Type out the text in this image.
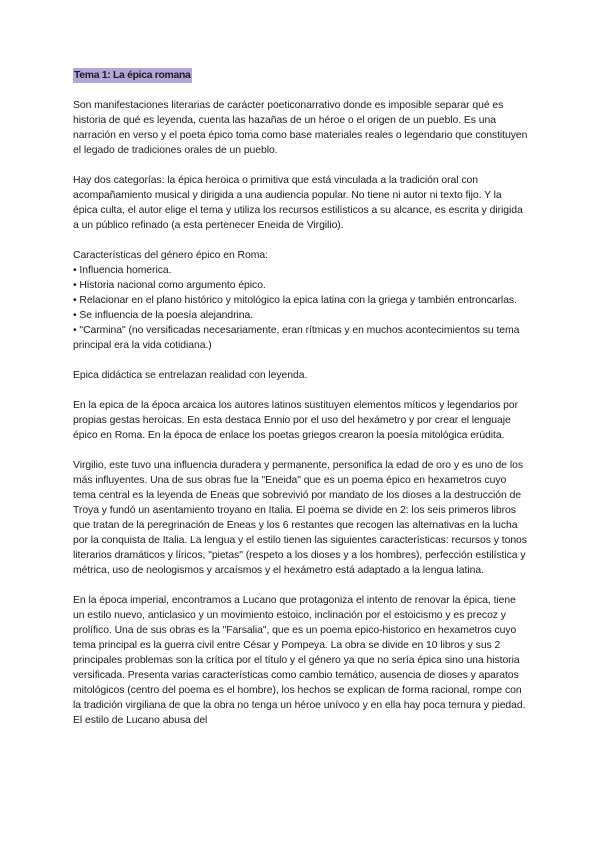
Tema 1: La épica romana

Son manifestaciones literarias de carácter poeticonarrativo donde es imposible separar qué es historia de qué es leyenda, cuenta las hazañas de un héroe o el origen de un pueblo. Es una narración en verso y el poeta épico toma como base materiales reales o legendario que constituyen el legado de tradiciones orales de un pueblo.

Hay dos categorías: la épica heroica o primitiva que está vinculada a la tradición oral con acompañamiento musical y dirigida a una audiencia popular. No tiene ni autor ni texto fijo. Y la épica culta, el autor elige el tema y utiliza los recursos estilísticos a su alcance, es escrita y dirigida a un público refinado (a esta pertenecer Eneida de Virgilio).

Características del género épico en Roma:
• Influencia homerica.
• Historia nacional como argumento épico.
• Relacionar en el plano histórico y mitológico la epica latina con la griega y también entroncarlas.
• Se influencia de la poesía alejandrina.
• "Carmina" (no versificadas necesariamente, eran rítmicas y en muchos acontecimientos su tema principal era la vida cotidiana.)

Epica didáctica se entrelazan realidad con leyenda.

En la epica de la época arcaica los autores latinos sustituyen elementos míticos y legendarios por propias gestas heroicas. En esta destaca Ennio por el uso del hexámetro y por crear el lenguaje épico en Roma. En la época de enlace los poetas griegos crearon la poesía mitológica erúdita.

Virgilio, este tuvo una influencia duradera y permanente, personifica la edad de oro y es uno de los más influyentes. Una de sus obras fue la "Eneida" que es un poema épico en hexametros cuyo tema central es la leyenda de Eneas que sobrevivió por mandato de los dioses a la destrucción de Troya y fundó un asentamiento troyano en Italia. El poema se divide en 2: los seis primeros libros que tratan de la peregrinación de Eneas y los 6 restantes que recogen las alternativas en la lucha por la conquista de Italia. La lengua y el estilo tienen las siguientes características: recursos y tonos literarios dramáticos y líricos, "pietas" (respeto a los dioses y a los hombres), perfección estilística y métrica, uso de neologismos y arcaísmos y el hexámetro está adaptado a la lengua latina.

En la época imperial, encontramos a Lucano que protagoniza el intento de renovar la épica, tiene un estilo nuevo, anticlasico y un movimiento estoico, inclinación por el estoicismo y es precoz y prolífico. Una de sus obras es la "Farsalia", que es un poema epico-historico en hexametros cuyo tema principal es la guerra civil entre César y Pompeya. La obra se divide en 10 libros y sus 2 principales problemas son la crítica por el título y el género ya que no sería épica sino una historia versificada. Presenta varias características como cambio temático, ausencia de dioses y aparatos mitológicos (centro del poema es el hombre), los hechos se explican de forma racional, rompe con la tradición virgiliana de que la obra no tenga un héroe unívoco y en ella hay poca ternura y piedad. El estilo de Lucano abusa del
